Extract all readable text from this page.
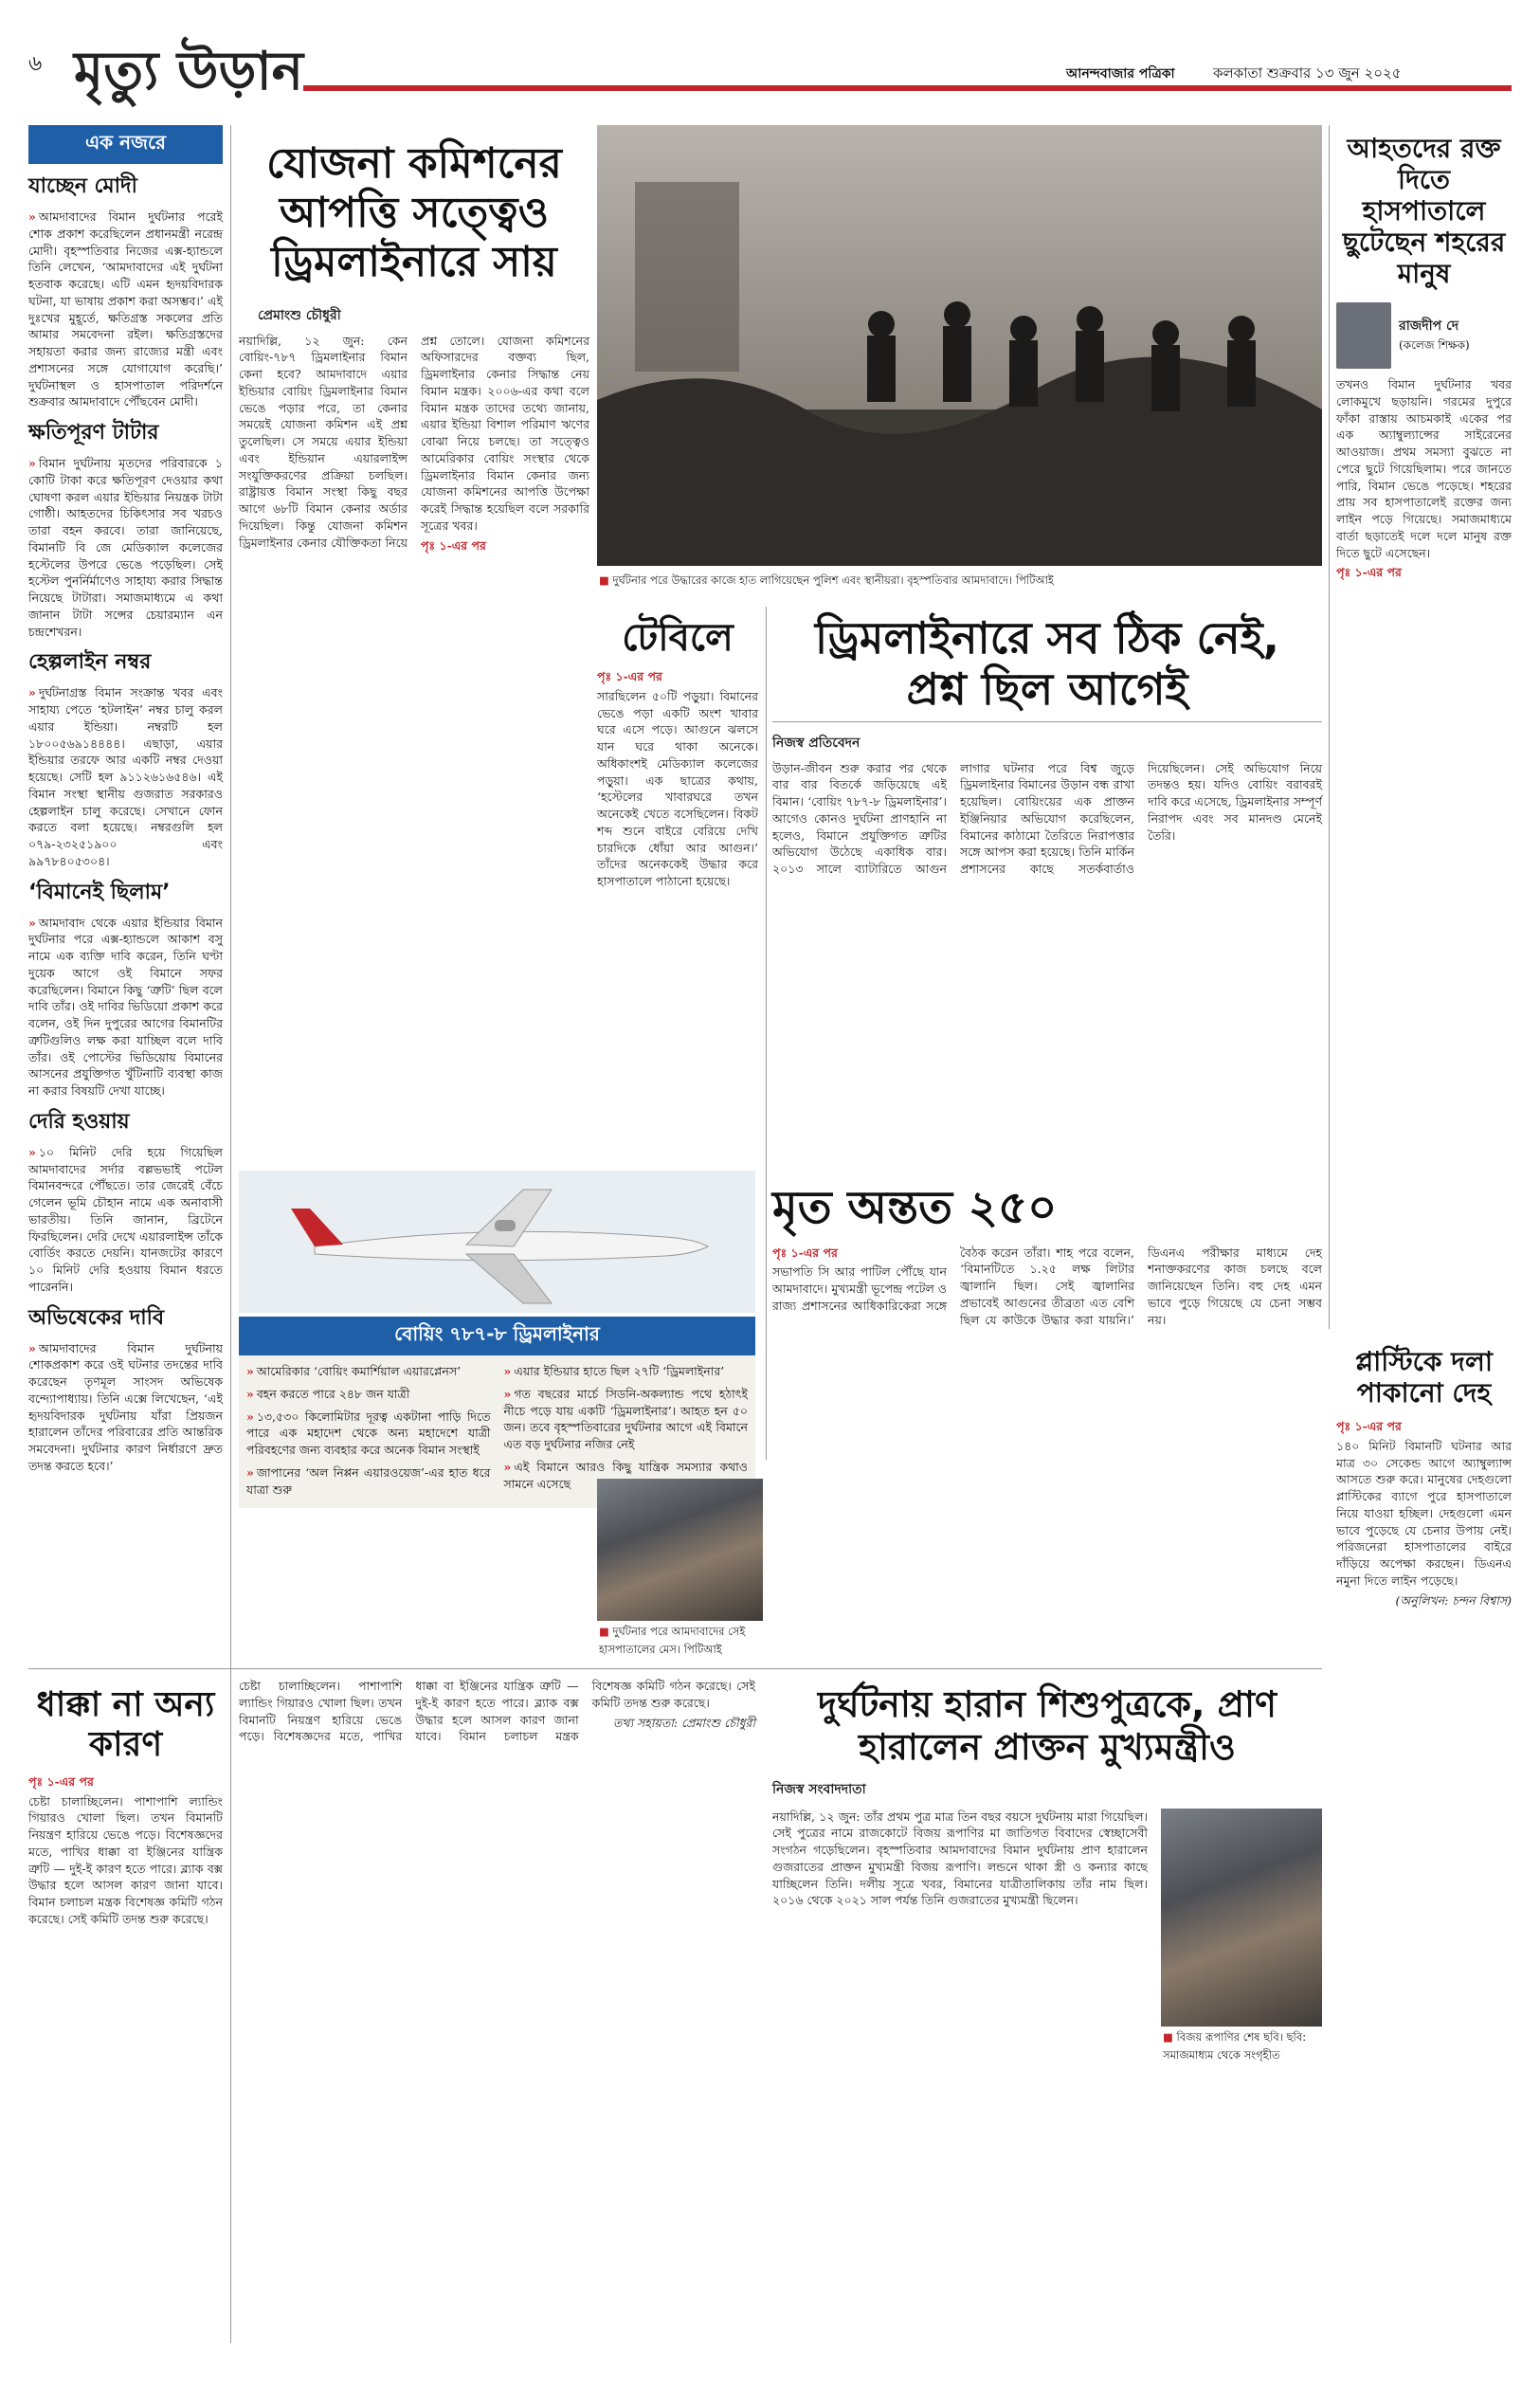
৬ মৃত্যু উড়ান	আনন্দবাজার পত্রিকা	কলকাতা শুক্রবার ১৩ জুন ২০২৫
এক নজরে
যাচ্ছেন মোদী
» আমদাবাদের বিমান দুর্ঘটনার পরেই শোক প্রকাশ করেছিলেন প্রধানমন্ত্রী নরেন্দ্র মোদী। বৃহস্পতিবার নিজের এক্স-হ্যান্ডলে তিনি লেখেন, ‘আমদাবাদের এই দুর্ঘটনা হতবাক করেছে। এটি এমন হৃদয়বিদারক ঘটনা, যা ভাষায় প্রকাশ করা অসম্ভব।’ এই দুঃখের মুহূর্তে, ক্ষতিগ্রস্ত সকলের প্রতি আমার সমবেদনা রইল। ক্ষতিগ্রস্তদের সহায়তা করার জন্য রাজ্যের মন্ত্রী এবং প্রশাসনের সঙ্গে যোগাযোগ করেছি।’ দুর্ঘটনাস্থল ও হাসপাতাল পরিদর্শনে শুক্রবার আমদাবাদে পৌঁছবেন মোদী।
ক্ষতিপূরণ টাটার
» বিমান দুর্ঘটনায় মৃতদের পরিবারকে ১ কোটি টাকা করে ক্ষতিপূরণ দেওয়ার কথা ঘোষণা করল এয়ার ইন্ডিয়ার নিয়ন্ত্রক টাটা গোষ্ঠী। আহতদের চিকিৎসার সব খরচও তারা বহন করবে। তারা জানিয়েছে, বিমানটি বি জে মেডিক্যাল কলেজের হস্টেলের উপরে ভেঙে পড়েছিল। সেই হস্টেল পুনর্নির্মাণেও সাহায্য করার সিদ্ধান্ত নিয়েছে টাটারা। সমাজমাধ্যমে এ কথা জানান টাটা সন্সের চেয়ারম্যান এন চন্দ্রশেখরন।
হেল্পলাইন নম্বর
» দুর্ঘটনাগ্রস্ত বিমান সংক্রান্ত খবর এবং সাহায্য পেতে ‘হটলাইন’ নম্বর চালু করল এয়ার ইন্ডিয়া। নম্বরটি হল ১৮০০৫৬৯১৪৪৪৪। এছাড়া, এয়ার ইন্ডিয়ার তরফে আর একটি নম্বর দেওয়া হয়েছে। সেটি হল ৯১১২৬১৬৫৪৬। এই বিমান সংস্থা স্থানীয় গুজরাত সরকারও হেল্পলাইন চালু করেছে। সেখানে ফোন করতে বলা হয়েছে। নম্বরগুলি হল ০৭৯-২৩২৫১৯০০ এবং ৯৯৭৮৪০৫৩০৪।
‘বিমানেই ছিলাম’
» আমদাবাদ থেকে এয়ার ইন্ডিয়ার বিমান দুর্ঘটনার পরে এক্স-হ্যান্ডলে আকাশ বসু নামে এক ব্যক্তি দাবি করেন, তিনি ঘণ্টা দুয়েক আগে ওই বিমানে সফর করেছিলেন। বিমানে কিছু ‘ত্রুটি’ ছিল বলে দাবি তাঁর। ওই দাবির ভিডিয়ো প্রকাশ করে বলেন, ওই দিন দুপুরের আগের বিমানটির ত্রুটিগুলিও লক্ষ করা যাচ্ছিল বলে দাবি তাঁর। ওই পোস্টের ভিডিয়োয় বিমানের আসনের প্রযুক্তিগত খুঁটিনাটি ব্যবস্থা কাজ না করার বিষয়টি দেখা যাচ্ছে।
দেরি হওয়ায়
» ১০ মিনিট দেরি হয়ে গিয়েছিল আমদাবাদের সর্দার বল্লভভাই পটেল বিমানবন্দরে পৌঁছতে। তার জেরেই বেঁচে গেলেন ভূমি চৌহান নামে এক অনাবাসী ভারতীয়। তিনি জানান, ব্রিটেনে ফিরছিলেন। দেরি দেখে এয়ারলাইন্স তাঁকে বোর্ডিং করতে দেয়নি। যানজটের কারণে ১০ মিনিট দেরি হওয়ায় বিমান ধরতে পারেননি।
অভিষেকের দাবি
» আমদাবাদের বিমান দুর্ঘটনায় শোকপ্রকাশ করে ওই ঘটনার তদন্তের দাবি করেছেন তৃণমূল সাংসদ অভিষেক বন্দ্যোপাধ্যায়। তিনি এক্সে লিখেছেন, ‘এই হৃদয়বিদারক দুর্ঘটনায় যাঁরা প্রিয়জন হারালেন তাঁদের পরিবারের প্রতি আন্তরিক সমবেদনা। দুর্ঘটনার কারণ নির্ধারণে দ্রুত তদন্ত করতে হবে।’
যোজনা কমিশনের আপত্তি সত্ত্বেও ড্রিমলাইনারে সায়
প্রেমাংশু চৌধুরী

নয়াদিল্লি, ১২ জুন: কেন বোয়িং-৭৮৭ ড্রিমলাইনার বিমান কেনা হবে? আমদাবাদে এয়ার ইন্ডিয়ার বোয়িং ড্রিমলাইনার বিমান ভেঙে পড়ার পরে, তা কেনার সময়েই যোজনা কমিশন এই প্রশ্ন তুলেছিল। সে সময়ে এয়ার ইন্ডিয়া এবং ইন্ডিয়ান এয়ারলাইন্স সংযুক্তিকরণের প্রক্রিয়া চলছিল। রাষ্ট্রায়ত্ত বিমান সংস্থা কিছু বছর আগে ৬৮টি বিমান কেনার অর্ডার দিয়েছিল। কিন্তু যোজনা কমিশন ড্রিমলাইনার কেনার যৌক্তিকতা নিয়ে প্রশ্ন তোলে। যোজনা কমিশনের অফিসারদের বক্তব্য ছিল, ড্রিমলাইনার কেনার সিদ্ধান্ত নেয় বিমান মন্ত্রক। ২০০৬-এর কথা বলে বিমান মন্ত্রক তাদের তথ্যে জানায়, এয়ার ইন্ডিয়া বিশাল পরিমাণ ঋণের বোঝা নিয়ে চলছে। তা সত্ত্বেও আমেরিকার বোয়িং সংস্থার থেকে ড্রিমলাইনার বিমান কেনার জন্য যোজনা কমিশনের আপত্তি উপেক্ষা করেই সিদ্ধান্ত হয়েছিল বলে সরকারি সূত্রের খবর।

পৃঃ ১-এর পর

■ দুর্ঘটনার পরে উদ্ধারের কাজে হাত লাগিয়েছেন পুলিশ এবং স্থানীয়রা। বৃহস্পতিবার আমদাবাদে। পিটিআই
আহতদের রক্ত দিতে হাসপাতালে ছুটেছেন শহরের মানুষ
রাজদীপ দে
(কলেজ শিক্ষক)

তখনও বিমান দুর্ঘটনার খবর লোকমুখে ছড়ায়নি। গরমের দুপুরে ফাঁকা রাস্তায় আচমকাই একের পর এক অ্যাম্বুল্যান্সের সাইরেনের আওয়াজ। প্রথম সমস্যা বুঝতে না পেরে ছুটে গিয়েছিলাম। পরে জানতে পারি, বিমান ভেঙে পড়েছে। শহরের প্রায় সব হাসপাতালেই রক্তের জন্য লাইন পড়ে গিয়েছে। সমাজমাধ্যমে বার্তা ছড়াতেই দলে দলে মানুষ রক্ত দিতে ছুটে এসেছেন।

পৃঃ ১-এর পর

টেবিলে

পৃঃ ১-এর পর

সারছিলেন ৫০টি পড়ুয়া। বিমানের ভেঙে পড়া একটি অংশ খাবার ঘরে এসে পড়ে। আগুনে ঝলসে যান ঘরে থাকা অনেকে। অধিকাংশই মেডিক্যাল কলেজের পড়ুয়া। এক ছাত্রের কথায়, ‘হস্টেলের খাবারঘরে তখন অনেকেই খেতে বসেছিলেন। বিকট শব্দ শুনে বাইরে বেরিয়ে দেখি চারদিকে ধোঁয়া আর আগুন।’ তাঁদের অনেককেই উদ্ধার করে হাসপাতালে পাঠানো হয়েছে।

ড্রিমলাইনারে সব ঠিক নেই, প্রশ্ন ছিল আগেই
নিজস্ব প্রতিবেদন

উড়ান-জীবন শুরু করার পর থেকে বার বার বিতর্কে জড়িয়েছে এই বিমান। ‘বোয়িং ৭৮৭-৮ ড্রিমলাইনার’। আগেও কোনও দুর্ঘটনা প্রাণহানি না হলেও, বিমানে প্রযুক্তিগত ত্রুটির অভিযোগ উঠেছে একাধিক বার। ২০১৩ সালে ব্যাটারিতে আগুন লাগার ঘটনার পরে বিশ্ব জুড়ে ড্রিমলাইনার বিমানের উড়ান বন্ধ রাখা হয়েছিল। বোয়িংয়ের এক প্রাক্তন ইঞ্জিনিয়ার অভিযোগ করেছিলেন, বিমানের কাঠামো তৈরিতে নিরাপত্তার সঙ্গে আপস করা হয়েছে। তিনি মার্কিন প্রশাসনের কাছে সতর্কবার্তাও দিয়েছিলেন। সেই অভিযোগ নিয়ে তদন্তও হয়। যদিও বোয়িং বরাবরই দাবি করে এসেছে, ড্রিমলাইনার সম্পূর্ণ নিরাপদ এবং সব মানদণ্ড মেনেই তৈরি।

বোয়িং ৭৮৭-৮ ড্রিমলাইনার
» আমেরিকার ‘বোয়িং কমার্শিয়াল এয়ারপ্লেনস’
» বহন করতে পারে ২৪৮ জন যাত্রী
» ১৩,৫৩০ কিলোমিটার দূরত্ব একটানা পাড়ি দিতে পারে এক মহাদেশ থেকে অন্য মহাদেশে যাত্রী পরিবহণের জন্য ব্যবহার করে অনেক বিমান সংস্থাই
» জাপানের ‘অল নিপ্পন এয়ারওয়েজ’-এর হাত ধরে যাত্রা শুরু
» এয়ার ইন্ডিয়ার হাতে ছিল ২৭টি ‘ড্রিমলাইনার’
» গত বছরের মার্চে সিডনি-অকল্যান্ড পথে হঠাৎই নীচে পড়ে যায় একটি ‘ড্রিমলাইনার’। আহত হন ৫০ জন। তবে বৃহস্পতিবারের দুর্ঘটনার আগে এই বিমানে এত বড় দুর্ঘটনার নজির নেই
» এই বিমানে আরও কিছু যান্ত্রিক সমস্যার কথাও সামনে এসেছে
মৃত অন্তত ২৫০

পৃঃ ১-এর পর

সভাপতি সি আর পাটিল পৌঁছে যান আমদাবাদে। মুখ্যমন্ত্রী ভূপেন্দ্র পটেল ও রাজ্য প্রশাসনের আধিকারিকেরা সঙ্গে বৈঠক করেন তাঁরা। শাহ পরে বলেন, ‘বিমানটিতে ১.২৫ লক্ষ লিটার জ্বালানি ছিল। সেই জ্বালানির প্রভাবেই আগুনের তীব্রতা এত বেশি ছিল যে কাউকে উদ্ধার করা যায়নি।’ ডিএনএ পরীক্ষার মাধ্যমে দেহ শনাক্তকরণের কাজ চলছে বলে জানিয়েছেন তিনি। বহু দেহ এমন ভাবে পুড়ে গিয়েছে যে চেনা সম্ভব নয়।

■ দুর্ঘটনার পরে আমদাবাদের সেই হাসপাতালের মেস। পিটিআই
প্লাস্টিকে দলা পাকানো দেহ

পৃঃ ১-এর পর

১৪০ মিনিট বিমানটি ঘটনার আর মাত্র ৩০ সেকেন্ড আগে অ্যাম্বুল্যান্স আসতে শুরু করে। মানুষের দেহগুলো প্লাস্টিকের ব্যাগে পুরে হাসপাতালে নিয়ে যাওয়া হচ্ছিল। দেহগুলো এমন ভাবে পুড়েছে যে চেনার উপায় নেই। পরিজনেরা হাসপাতালের বাইরে দাঁড়িয়ে অপেক্ষা করছেন। ডিএনএ নমুনা দিতে লাইন পড়েছে।

(অনুলিখন: চন্দন বিশ্বাস)

ধাক্কা না অন্য কারণ

পৃঃ ১-এর পর

চেষ্টা চালাচ্ছিলেন। পাশাপাশি ল্যান্ডিং গিয়ারও খোলা ছিল। তখন বিমানটি নিয়ন্ত্রণ হারিয়ে ভেঙে পড়ে। বিশেষজ্ঞদের মতে, পাখির ধাক্কা বা ইঞ্জিনের যান্ত্রিক ত্রুটি — দুই-ই কারণ হতে পারে। ব্ল্যাক বক্স উদ্ধার হলে আসল কারণ জানা যাবে। বিমান চলাচল মন্ত্রক বিশেষজ্ঞ কমিটি গঠন করেছে। সেই কমিটি তদন্ত শুরু করেছে।

চেষ্টা চালাচ্ছিলেন। পাশাপাশি ল্যান্ডিং গিয়ারও খোলা ছিল। তখন বিমানটি নিয়ন্ত্রণ হারিয়ে ভেঙে পড়ে। বিশেষজ্ঞদের মতে, পাখির ধাক্কা বা ইঞ্জিনের যান্ত্রিক ত্রুটি — দুই-ই কারণ হতে পারে। ব্ল্যাক বক্স উদ্ধার হলে আসল কারণ জানা যাবে। বিমান চলাচল মন্ত্রক বিশেষজ্ঞ কমিটি গঠন করেছে। সেই কমিটি তদন্ত শুরু করেছে।

তথ্য সহায়তা: প্রেমাংশু চৌধুরী	দুর্ঘটনায় হারান শিশুপুত্রকে, প্রাণ হারালেন প্রাক্তন মুখ্যমন্ত্রীও
নিজস্ব সংবাদদাতা

নয়াদিল্লি, ১২ জুন: তাঁর প্রথম পুত্র মাত্র তিন বছর বয়সে দুর্ঘটনায় মারা গিয়েছিল। সেই পুত্রের নামে রাজকোটে বিজয় রূপাণির মা জাতিগত বিবাদের স্বেচ্ছাসেবী সংগঠন গড়েছিলেন। বৃহস্পতিবার আমদাবাদের বিমান দুর্ঘটনায় প্রাণ হারালেন গুজরাতের প্রাক্তন মুখ্যমন্ত্রী বিজয় রূপাণি। লন্ডনে থাকা স্ত্রী ও কন্যার কাছে যাচ্ছিলেন তিনি। দলীয় সূত্রে খবর, বিমানের যাত্রীতালিকায় তাঁর নাম ছিল। ২০১৬ থেকে ২০২১ সাল পর্যন্ত তিনি গুজরাতের মুখ্যমন্ত্রী ছিলেন।

■ বিজয় রূপাণির শেষ ছবি। ছবি: সমাজমাধ্যম থেকে সংগৃহীত
